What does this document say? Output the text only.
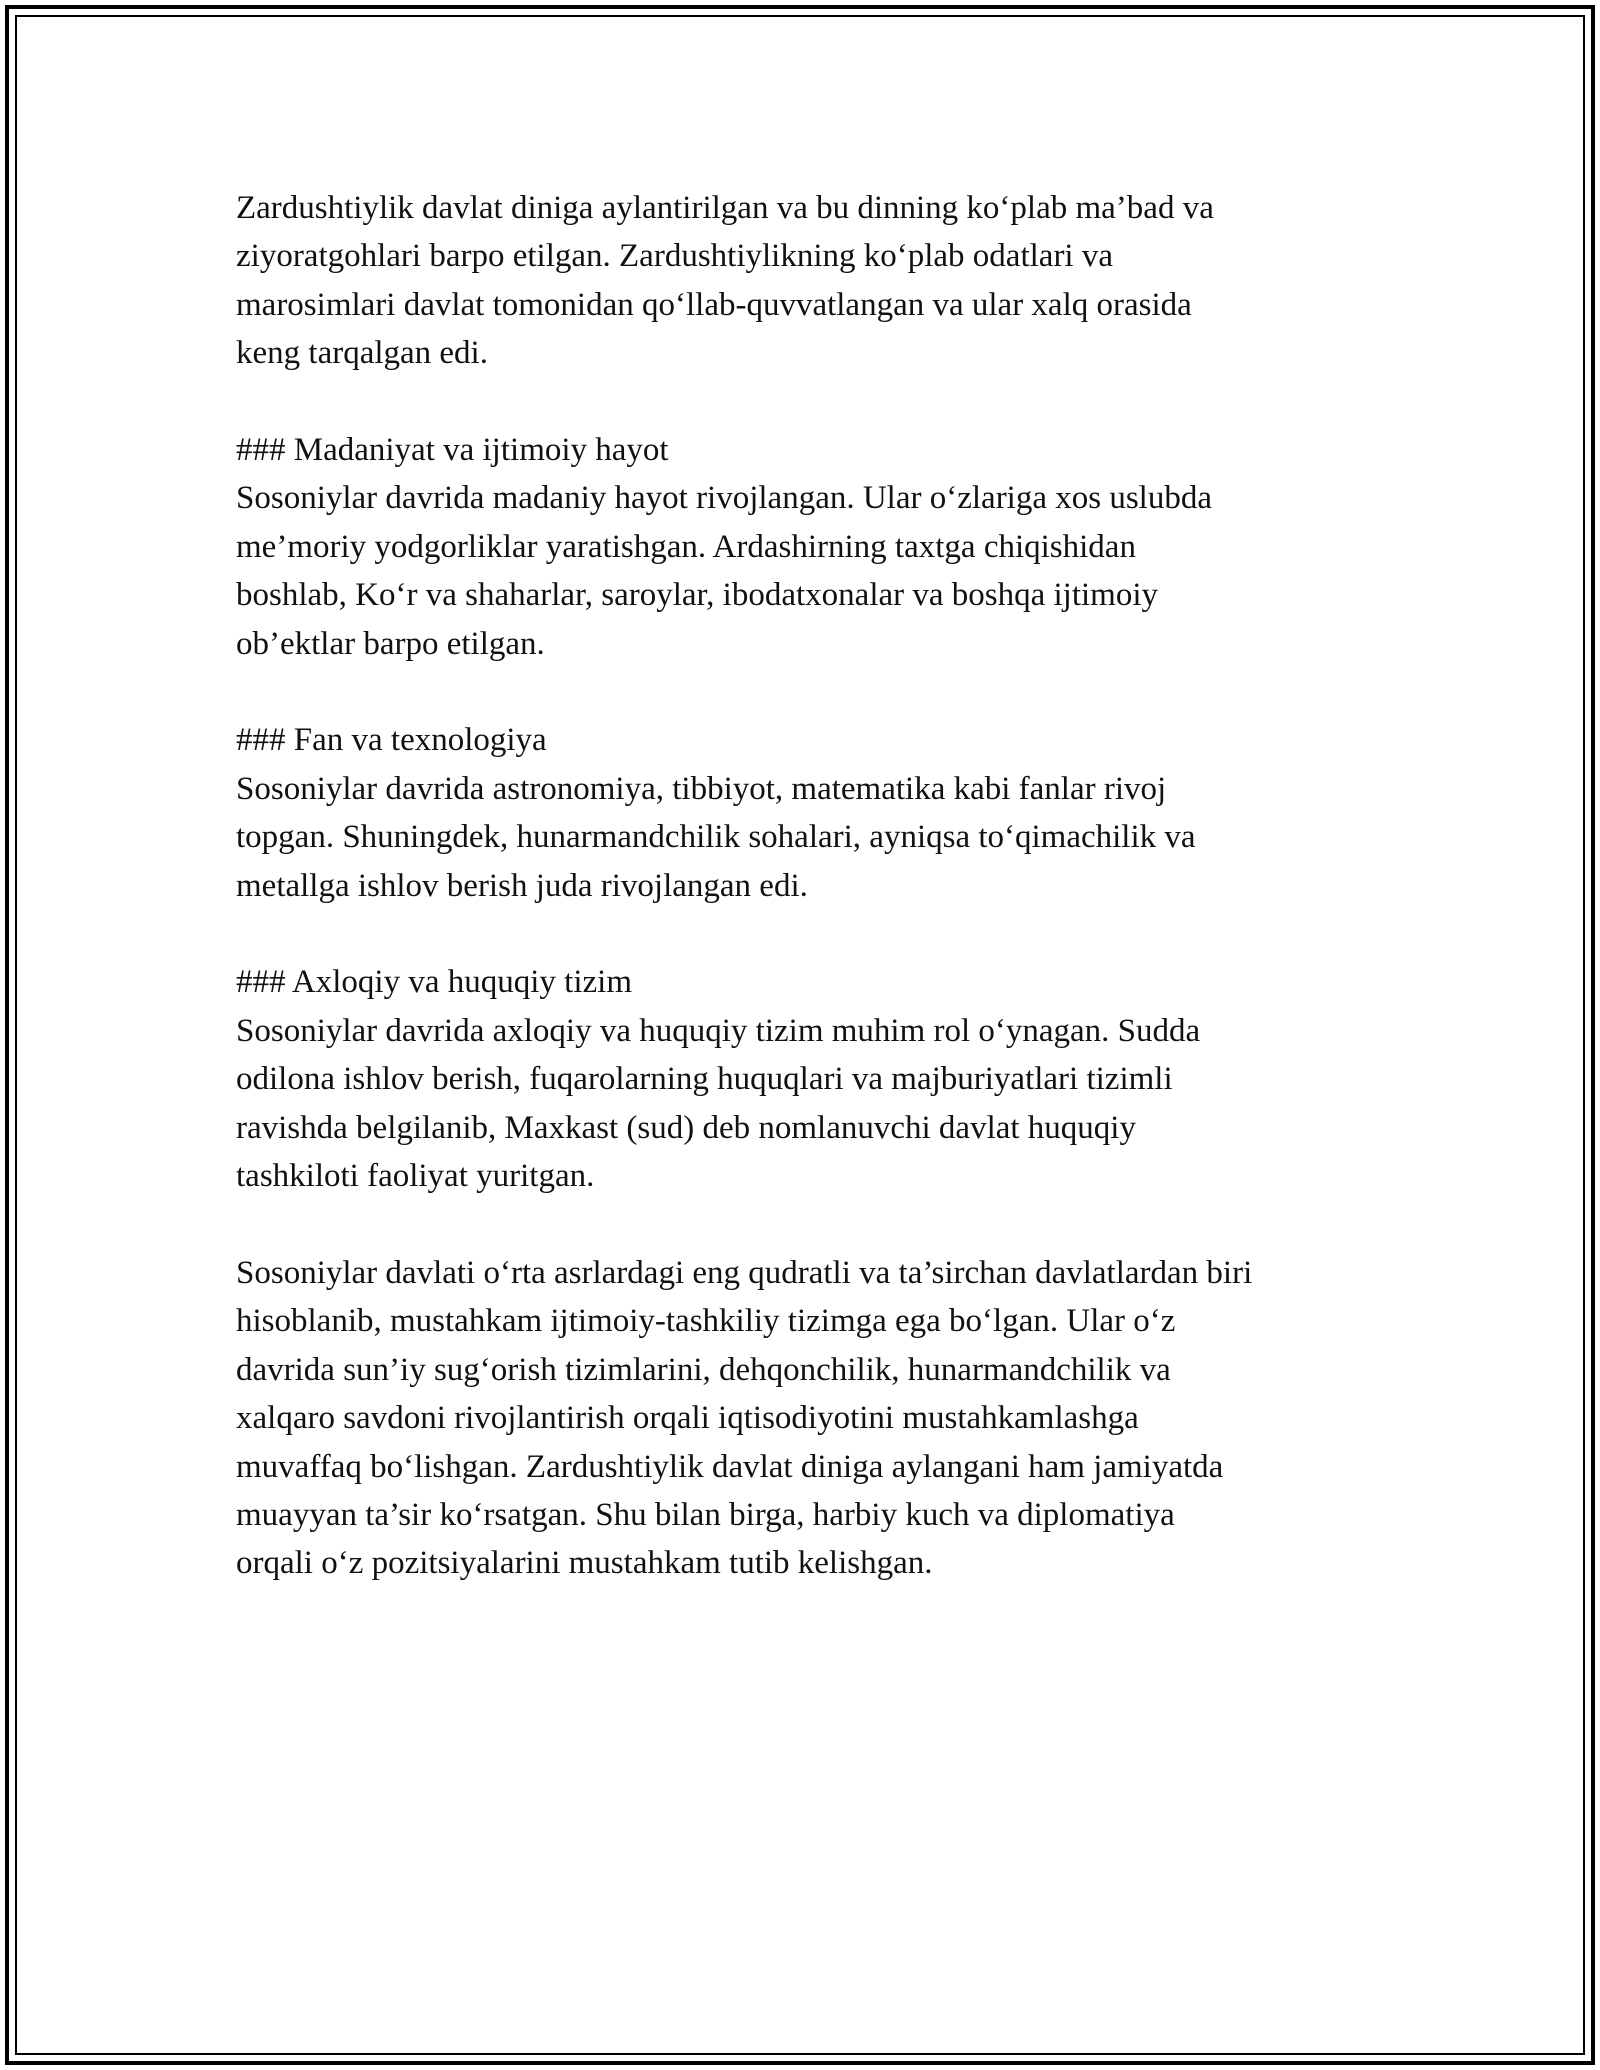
Zardushtiylik davlat diniga aylantirilgan va bu dinning ko‘plab ma’bad va
ziyoratgohlari barpo etilgan. Zardushtiylikning ko‘plab odatlari va
marosimlari davlat tomonidan qo‘llab-quvvatlangan va ular xalq orasida
keng tarqalgan edi.

### Madaniyat va ijtimoiy hayot
Sosoniylar davrida madaniy hayot rivojlangan. Ular o‘zlariga xos uslubda
me’moriy yodgorliklar yaratishgan. Ardashirning taxtga chiqishidan
boshlab, Ko‘r va shaharlar, saroylar, ibodatxonalar va boshqa ijtimoiy
ob’ektlar barpo etilgan.
### Fan va texnologiya
Sosoniylar davrida astronomiya, tibbiyot, matematika kabi fanlar rivoj
topgan. Shuningdek, hunarmandchilik sohalari, ayniqsa to‘qimachilik va
metallga ishlov berish juda rivojlangan edi.
### Axloqiy va huquqiy tizim
Sosoniylar davrida axloqiy va huquqiy tizim muhim rol o‘ynagan. Sudda
odilona ishlov berish, fuqarolarning huquqlari va majburiyatlari tizimli
ravishda belgilanib, Maxkast (sud) deb nomlanuvchi davlat huquqiy
tashkiloti faoliyat yuritgan.

Sosoniylar davlati o‘rta asrlardagi eng qudratli va ta’sirchan davlatlardan biri
hisoblanib, mustahkam ijtimoiy-tashkiliy tizimga ega bo‘lgan. Ular o‘z
davrida sun’iy sug‘orish tizimlarini, dehqonchilik, hunarmandchilik va
xalqaro savdoni rivojlantirish orqali iqtisodiyotini mustahkamlashga
muvaffaq bo‘lishgan. Zardushtiylik davlat diniga aylangani ham jamiyatda
muayyan ta’sir ko‘rsatgan. Shu bilan birga, harbiy kuch va diplomatiya
orqali o‘z pozitsiyalarini mustahkam tutib kelishgan.
